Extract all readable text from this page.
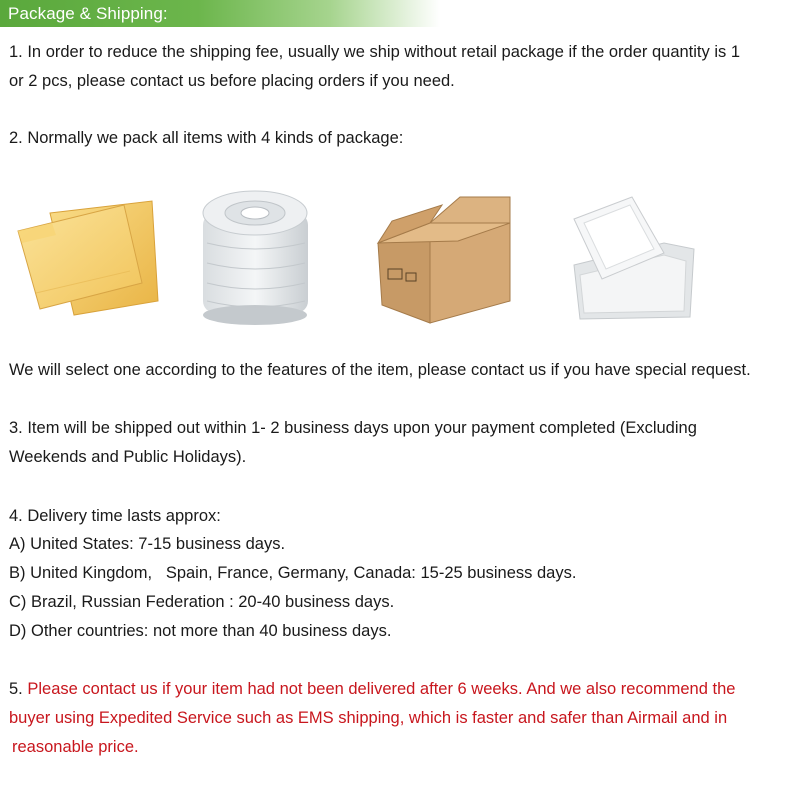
Package & Shipping:
1. In order to reduce the shipping fee, usually we ship without retail package if the order quantity is 1
or 2 pcs, please contact us before placing orders if you need.
2. Normally we pack all items with 4 kinds of package:
We will select one according to the features of the item, please contact us if you have special request.
3. Item will be shipped out within 1- 2 business days upon your payment completed (Excluding
Weekends and Public Holidays).
4. Delivery time lasts approx:
A) United States: 7-15 business days.
B) United Kingdom,   Spain, France, Germany, Canada: 15-25 business days.
C) Brazil, Russian Federation : 20-40 business days.
D) Other countries: not more than 40 business days.
5. Please contact us if your item had not been delivered after 6 weeks. And we also recommend the
buyer using Expedited Service such as EMS shipping, which is faster and safer than Airmail and in
reasonable price.
